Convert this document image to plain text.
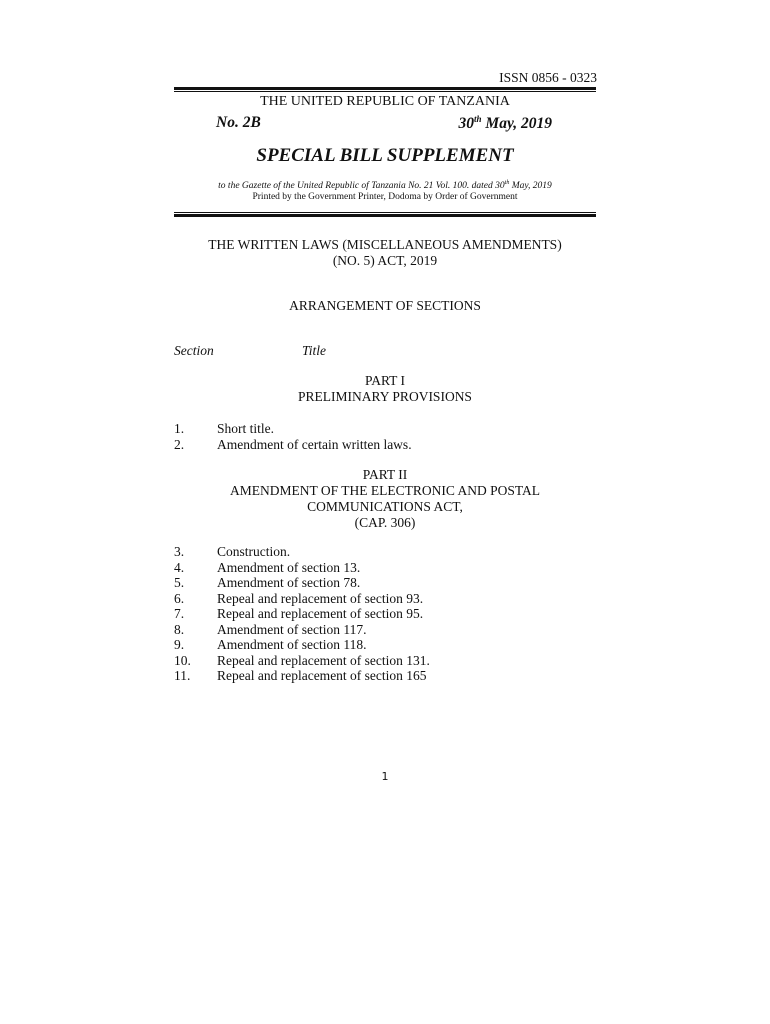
ISSN 0856 - 0323
THE UNITED REPUBLIC OF TANZANIA
No. 2B	30th May, 2019
SPECIAL BILL SUPPLEMENT
to the Gazette of the United Republic of Tanzania No. 21 Vol. 100. dated 30th May, 2019
Printed by the Government Printer, Dodoma by Order of Government
THE WRITTEN LAWS (MISCELLANEOUS AMENDMENTS)
(NO. 5) ACT, 2019
ARRANGEMENT OF SECTIONS
Section	Title
PART I
PRELIMINARY PROVISIONS
1. Short title.
2. Amendment of certain written laws.
PART II
AMENDMENT OF THE ELECTRONIC AND POSTAL
COMMUNICATIONS ACT,
(CAP. 306)
3. Construction.
4. Amendment of section 13.
5. Amendment of section 78.
6. Repeal and replacement of section 93.
7. Repeal and replacement of section 95.
8. Amendment of section 117.
9. Amendment of section 118.
10. Repeal and replacement of section 131.
11. Repeal and replacement of section 165
1
